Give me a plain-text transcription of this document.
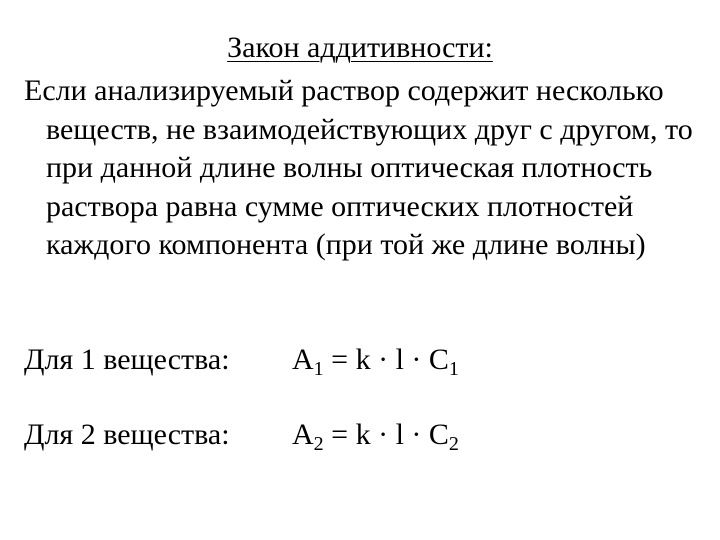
Закон аддитивности:
Если анализируемый раствор содержит несколько веществ, не взаимодействующих друг с другом, то при данной длине волны оптическая плотность раствора равна сумме оптических плотностей каждого компонента (при той же длине волны)
Для 1 вещества: $A_1 = k \cdot l \cdot C_1$
Для 2 вещества: $A_2 = k \cdot l \cdot C_2$
